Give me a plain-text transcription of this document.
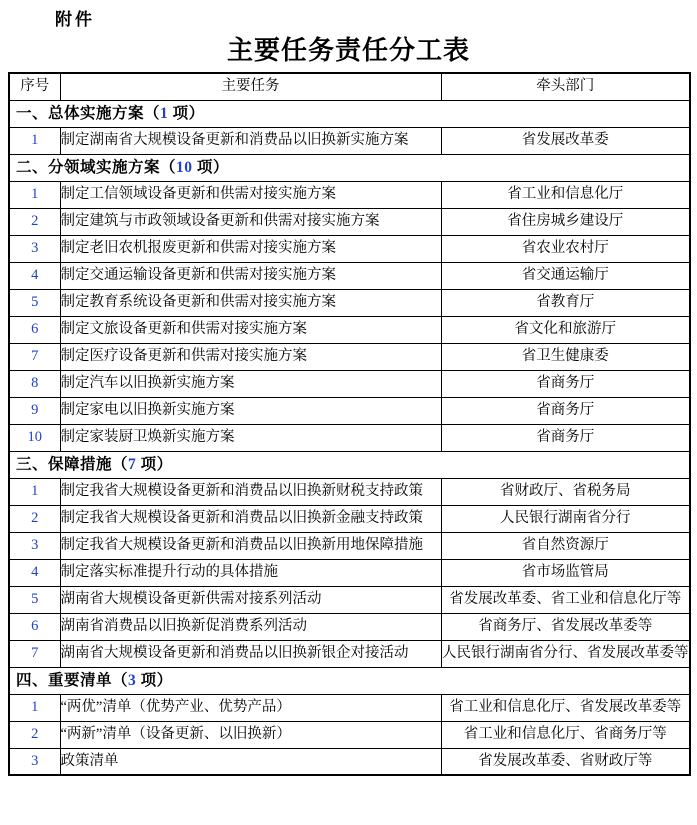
附件
主要任务责任分工表
序号	主要任务	牵头部门
一、总体实施方案（1 项）		
1	制定湖南省大规模设备更新和消费品以旧换新实施方案	省发展改革委
二、分领域实施方案（10 项）		
1	制定工信领域设备更新和供需对接实施方案	省工业和信息化厅
2	制定建筑与市政领域设备更新和供需对接实施方案	省住房城乡建设厅
3	制定老旧农机报废更新和供需对接实施方案	省农业农村厅
4	制定交通运输设备更新和供需对接实施方案	省交通运输厅
5	制定教育系统设备更新和供需对接实施方案	省教育厅
6	制定文旅设备更新和供需对接实施方案	省文化和旅游厅
7	制定医疗设备更新和供需对接实施方案	省卫生健康委
8	制定汽车以旧换新实施方案	省商务厅
9	制定家电以旧换新实施方案	省商务厅
10	制定家装厨卫焕新实施方案	省商务厅
三、保障措施（7 项）		
1	制定我省大规模设备更新和消费品以旧换新财税支持政策	省财政厅、省税务局
2	制定我省大规模设备更新和消费品以旧换新金融支持政策	人民银行湖南省分行
3	制定我省大规模设备更新和消费品以旧换新用地保障措施	省自然资源厅
4	制定落实标准提升行动的具体措施	省市场监管局
5	湖南省大规模设备更新供需对接系列活动	省发展改革委、省工业和信息化厅等
6	湖南省消费品以旧换新促消费系列活动	省商务厅、省发展改革委等
7	湖南省大规模设备更新和消费品以旧换新银企对接活动	人民银行湖南省分行、省发展改革委等
四、重要清单（3 项）		
1	“两优”清单（优势产业、优势产品）	省工业和信息化厅、省发展改革委等
2	“两新”清单（设备更新、以旧换新）	省工业和信息化厅、省商务厅等
3	政策清单	省发展改革委、省财政厅等
